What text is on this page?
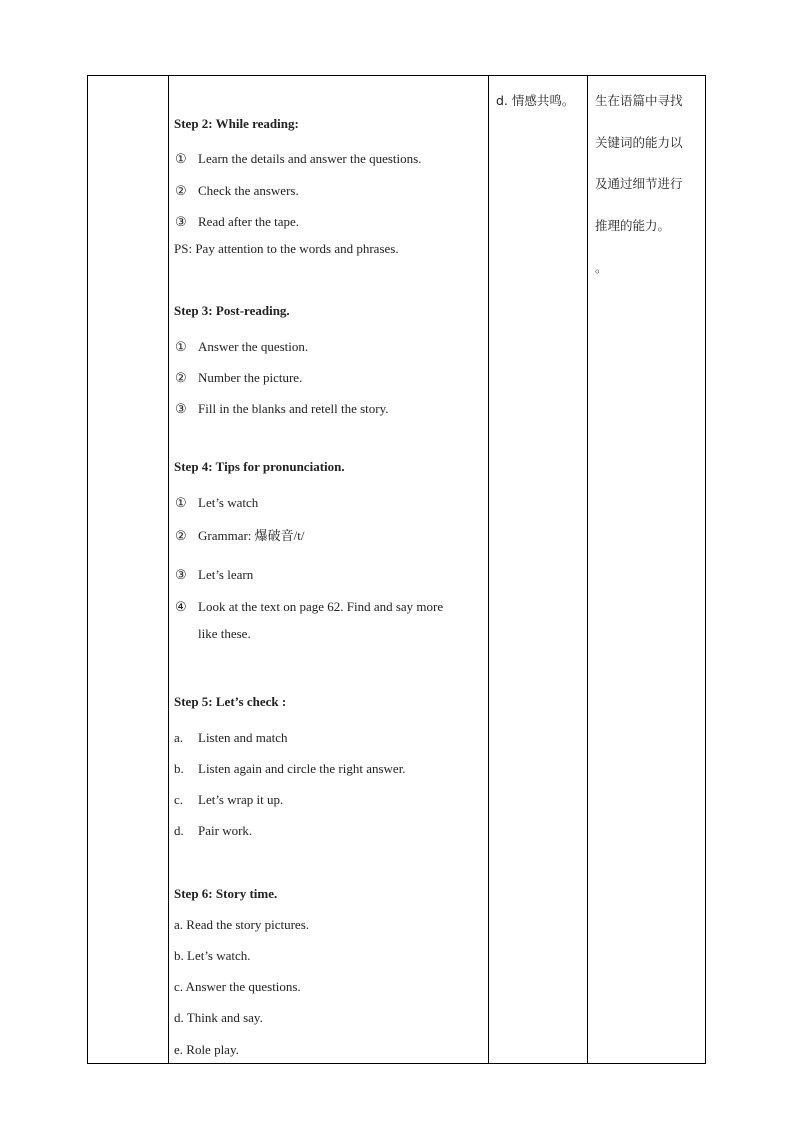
Step 2: While reading:
① Learn the details and answer the questions.
② Check the answers.
③ Read after the tape.
PS: Pay attention to the words and phrases.
Step 3: Post-reading.
① Answer the question.
② Number the picture.
③ Fill in the blanks and retell the story.
Step 4: Tips for pronunciation.
① Let’s watch
② Grammar: 爆破音/t/
③ Let’s learn
④ Look at the text on page 62. Find and say more
like these.
Step 5: Let’s check :
a. Listen and match
b. Listen again and circle the right answer.
c. Let’s wrap it up.
d. Pair work.
Step 6: Story time.
a. Read the story pictures.
b. Let’s watch.
c. Answer the questions.
d. Think and say.
e. Role play.
d. 情感共鸣。 生在语篇中寻找
关键词的能力以
及通过细节进行
推理的能力。
。
